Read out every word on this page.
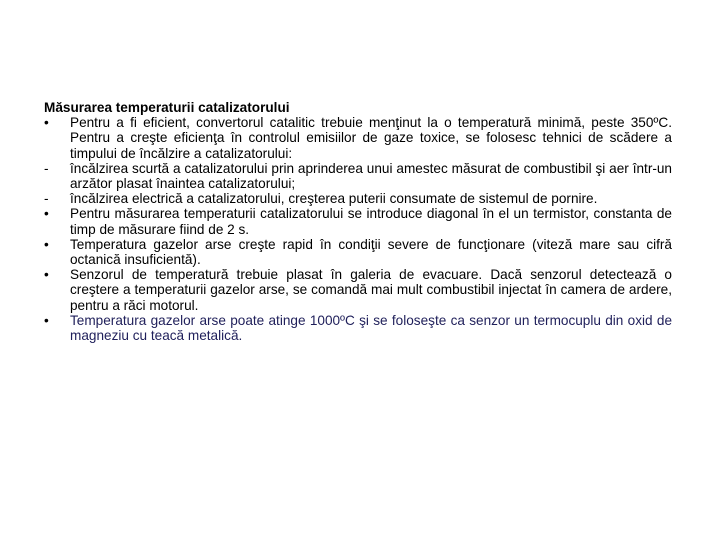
Măsurarea temperaturii catalizatorului
•	Pentru a fi eficient, convertorul catalitic trebuie menţinut la o temperatură minimă, peste 350ºC. Pentru a creşte eficienţa în controlul emisiilor de gaze toxice, se folosesc tehnici de scădere a timpului de încălzire a catalizatorului:
-	încălzirea scurtă a catalizatorului prin aprinderea unui amestec măsurat de combustibil şi aer într-un arzător plasat înaintea catalizatorului;
-	încălzirea electrică a catalizatorului, creşterea puterii consumate de sistemul de pornire.
•	Pentru măsurarea temperaturii catalizatorului se introduce diagonal în el un termistor, constanta de timp de măsurare fiind de 2 s.
•	Temperatura gazelor arse creşte rapid în condiţii severe de funcţionare (viteză mare sau cifră octanică insuficientă).
•	Senzorul de temperatură trebuie plasat în galeria de evacuare. Dacă senzorul detectează o creştere a temperaturii gazelor arse, se comandă mai mult combustibil injectat în camera de ardere, pentru a răci motorul.
•	Temperatura gazelor arse poate atinge 1000ºC şi se foloseşte ca senzor un termocuplu din oxid de magneziu cu teacă metalică.
